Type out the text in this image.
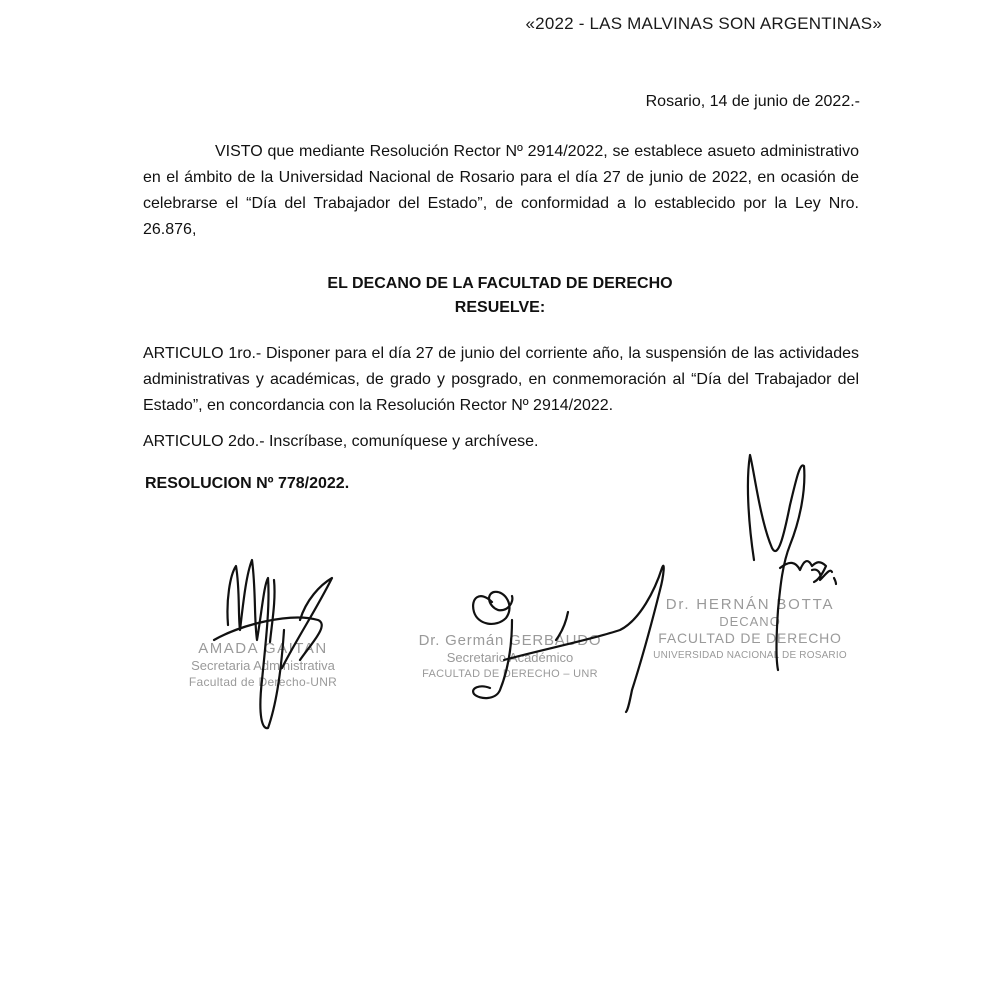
«2022 - LAS MALVINAS SON ARGENTINAS»
Rosario, 14 de junio de 2022.-

VISTO que mediante Resolución Rector Nº 2914/2022, se establece asueto administrativo en el ámbito de la Universidad Nacional de Rosario para el día 27 de junio de 2022, en ocasión de celebrarse el “Día del Trabajador del Estado”, de conformidad a lo establecido por la Ley Nro. 26.876,

EL DECANO DE LA FACULTAD DE DERECHO
RESUELVE:

ARTICULO 1ro.- Disponer para el día 27 de junio del corriente año, la suspensión de las actividades administrativas y académicas, de grado y posgrado, en conmemoración al “Día del Trabajador del Estado”, en concordancia con la Resolución Rector Nº 2914/2022.

ARTICULO 2do.- Inscríbase, comuníquese y archívese.

RESOLUCION Nº 778/2022.
AMADA GAITAN
Secretaria Administrativa
Facultad de Derecho-UNR
Dr. Germán GERBAUDO
Secretario Académico
FACULTAD DE DERECHO – UNR
Dr. HERNÁN BOTTA
DECANO
FACULTAD DE DERECHO
UNIVERSIDAD NACIONAL DE ROSARIO
